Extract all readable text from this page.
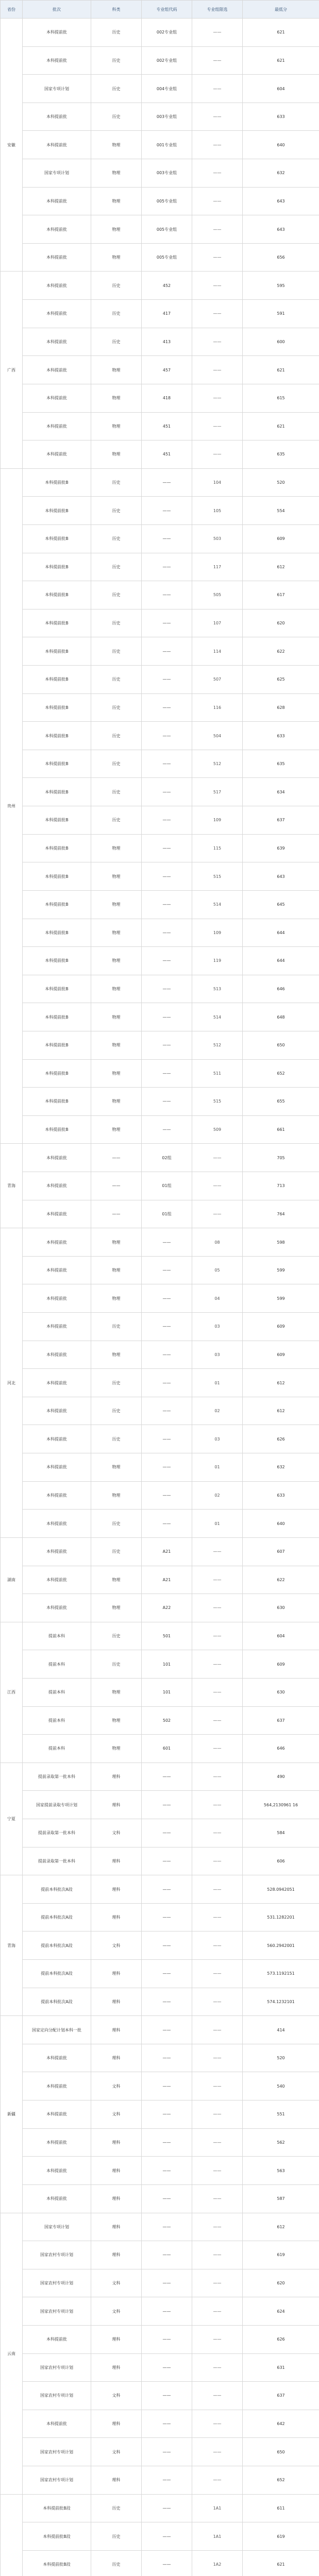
省份	批次	科类	专业组代码	专业组限选	最低分
安徽	本科提前批	历史	002专业组	——	621
	本科提前批	历史	002专业组	——	621
	国家专项计划	历史	004专业组	——	604
	本科提前批	历史	003专业组	——	633
	本科提前批	物理	001专业组	——	640
	国家专项计划	物理	003专业组	——	632
	本科提前批	物理	005专业组	——	643
	本科提前批	物理	005专业组	——	643
	本科提前批	物理	005专业组	——	656
广西	本科提前批	历史	452	——	595
	本科提前批	历史	417	——	591
	本科提前批	历史	413	——	600
	本科提前批	物理	457	——	621
	本科提前批	物理	418	——	615
	本科提前批	物理	451	——	621
	本科提前批	物理	451	——	635
贵州	本科提前批B	历史	——	104	520
	本科提前批B	历史	——	105	554
	本科提前批B	历史	——	503	609
	本科提前批B	历史	——	117	612
	本科提前批B	历史	——	505	617
	本科提前批B	历史	——	107	620
	本科提前批B	历史	——	114	622
	本科提前批B	历史	——	507	625
	本科提前批B	历史	——	116	628
	本科提前批B	历史	——	504	633
	本科提前批B	历史	——	512	635
	本科提前批B	历史	——	517	634
	本科提前批B	历史	——	109	637
	本科提前批B	物理	——	115	639
	本科提前批B	物理	——	515	643
	本科提前批B	物理	——	514	645
	本科提前批B	物理	——	109	644
	本科提前批B	物理	——	119	644
	本科提前批B	物理	——	513	646
	本科提前批B	物理	——	514	648
	本科提前批B	物理	——	512	650
	本科提前批B	物理	——	511	652
	本科提前批B	物理	——	515	655
	本科提前批B	物理	——	509	661
青海	本科提前批	——	02组	——	705
	本科提前批	——	01组	——	713
	本科提前批	——	01组	——	764
河北	本科提前批	物理	——	08	598
	本科提前批	物理	——	05	599
	本科提前批	物理	——	04	599
	本科提前批	历史	——	03	609
	本科提前批	物理	——	03	609
	本科提前批	历史	——	01	612
	本科提前批	历史	——	02	612
	本科提前批	历史	——	03	626
	本科提前批	物理	——	01	632
	本科提前批	物理	——	02	633
	本科提前批	历史	——	01	640
湖南	本科提前批	历史	A21	——	607
	本科提前批	物理	A21	——	622
	本科提前批	物理	A22	——	630
江西	提前本科	历史	501	——	604
	提前本科	历史	101	——	609
	提前本科	物理	101	——	630
	提前本科	物理	502	——	637
	提前本科	物理	601	——	646
宁夏	提前录取第一批本科	理科	——	——	490
	国家提前录取专项计划	理科	——	——	564,2130961 16
	提前录取第一批本科	文科	——	——	584
	提前录取第一批本科	理科	——	——	606
青海	提前本科批次A段	理科	——	——	528.0942051
	提前本科批次A段	理科	——	——	531.1282201
	提前本科批次A段	文科	——	——	560.2942001
	提前本科批次A段	理科	——	——	573.1192151
	提前本科批次A段	理科	——	——	574.1232101
新疆	国家定向分配计划本科一批	理科	——	——	414
	本科提前批	理科	——	——	520
	本科提前批	文科	——	——	540
	本科提前批	文科	——	——	551
	本科提前批	理科	——	——	562
	本科提前批	理科	——	——	563
	本科提前批	理科	——	——	587
云南	国家专项计划	理科	——	——	612
	国家农村专项计划	理科	——	——	619
	国家农村专项计划	文科	——	——	620
	国家农村专项计划	文科	——	——	624
	本科提前批	理科	——	——	626
	国家农村专项计划	理科	——	——	631
	国家农村专项计划	文科	——	——	637
	本科提前批	理科	——	——	642
	国家农村专项计划	文科	——	——	650
	国家农村专项计划	理科	——	——	652
	本科提前批B段	历史	——	1A1	611
	本科提前批B段	历史	——	1A1	619
	本科提前批B段	历史	——	1A2	621
